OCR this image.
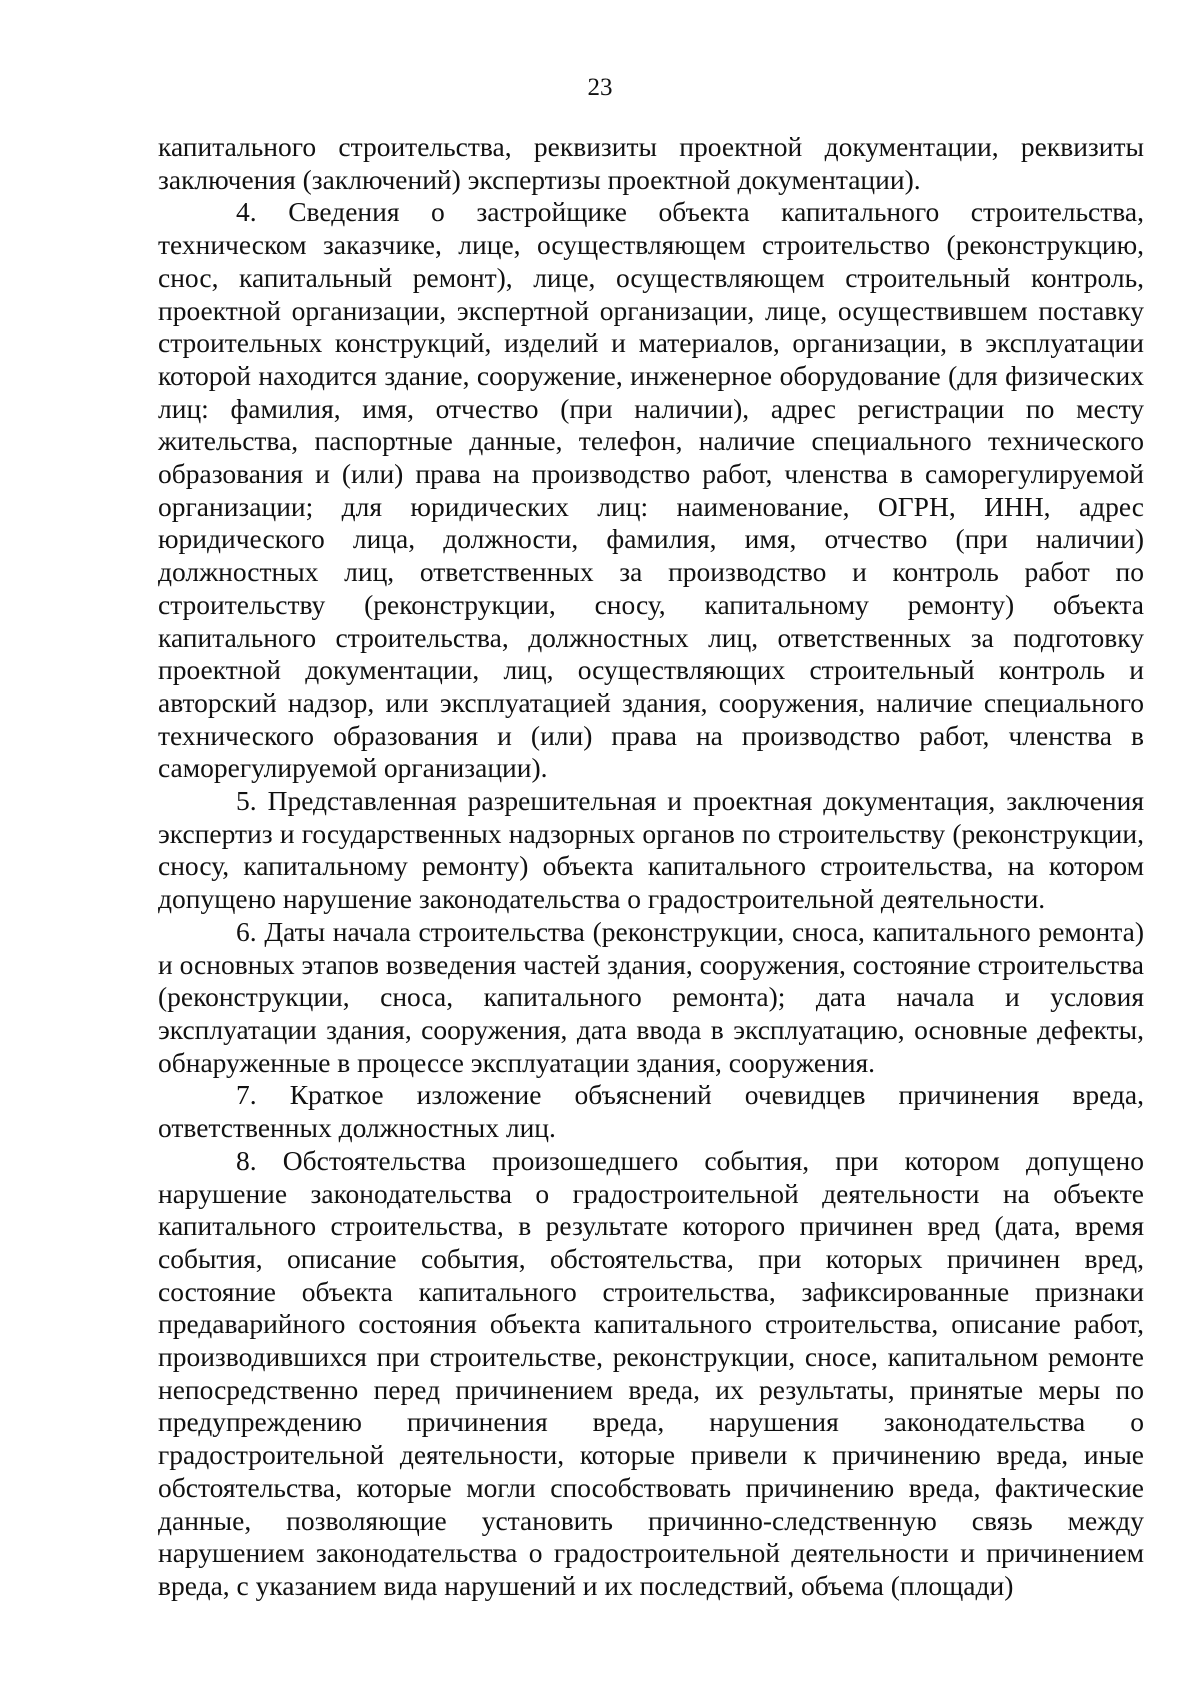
23

капитального строительства, реквизиты проектной документации, реквизиты заключения (заключений) экспертизы проектной документации).

4. Сведения о застройщике объекта капитального строительства, техническом заказчике, лице, осуществляющем строительство (реконструкцию, снос, капитальный ремонт), лице, осуществляющем строительный контроль, проектной организации, экспертной организации, лице, осуществившем поставку строительных конструкций, изделий и материалов, организации, в эксплуатации которой находится здание, сооружение, инженерное оборудование (для физических лиц: фамилия, имя, отчество (при наличии), адрес регистрации по месту жительства, паспортные данные, телефон, наличие специального технического образования и (или) права на производство работ, членства в саморегулируемой организации; для юридических лиц: наименование, ОГРН, ИНН, адрес юридического лица, должности, фамилия, имя, отчество (при наличии) должностных лиц, ответственных за производство и контроль работ по строительству (реконструкции, сносу, капитальному ремонту) объекта капитального строительства, должностных лиц, ответственных за подготовку проектной документации, лиц, осуществляющих строительный контроль и авторский надзор, или эксплуатацией здания, сооружения, наличие специального технического образования и (или) права на производство работ, членства в саморегулируемой организации).

5. Представленная разрешительная и проектная документация, заключения экспертиз и государственных надзорных органов по строительству (реконструкции, сносу, капитальному ремонту) объекта капитального строительства, на котором допущено нарушение законодательства о градостроительной деятельности.

6. Даты начала строительства (реконструкции, сноса, капитального ремонта) и основных этапов возведения частей здания, сооружения, состояние строительства (реконструкции, сноса, капитального ремонта); дата начала и условия эксплуатации здания, сооружения, дата ввода в эксплуатацию, основные дефекты, обнаруженные в процессе эксплуатации здания, сооружения.

7. Краткое изложение объяснений очевидцев причинения вреда, ответственных должностных лиц.

8. Обстоятельства произошедшего события, при котором допущено нарушение законодательства о градостроительной деятельности на объекте капитального строительства, в результате которого причинен вред (дата, время события, описание события, обстоятельства, при которых причинен вред, состояние объекта капитального строительства, зафиксированные признаки предаварийного состояния объекта капитального строительства, описание работ, производившихся при строительстве, реконструкции, сносе, капитальном ремонте непосредственно перед причинением вреда, их результаты, принятые меры по предупреждению причинения вреда, нарушения законодательства о градостроительной деятельности, которые привели к причинению вреда, иные обстоятельства, которые могли способствовать причинению вреда, фактические данные, позволяющие установить причинно-следственную связь между нарушением законодательства о градостроительной деятельности и причинением вреда, с указанием вида нарушений и их последствий, объема (площади)
